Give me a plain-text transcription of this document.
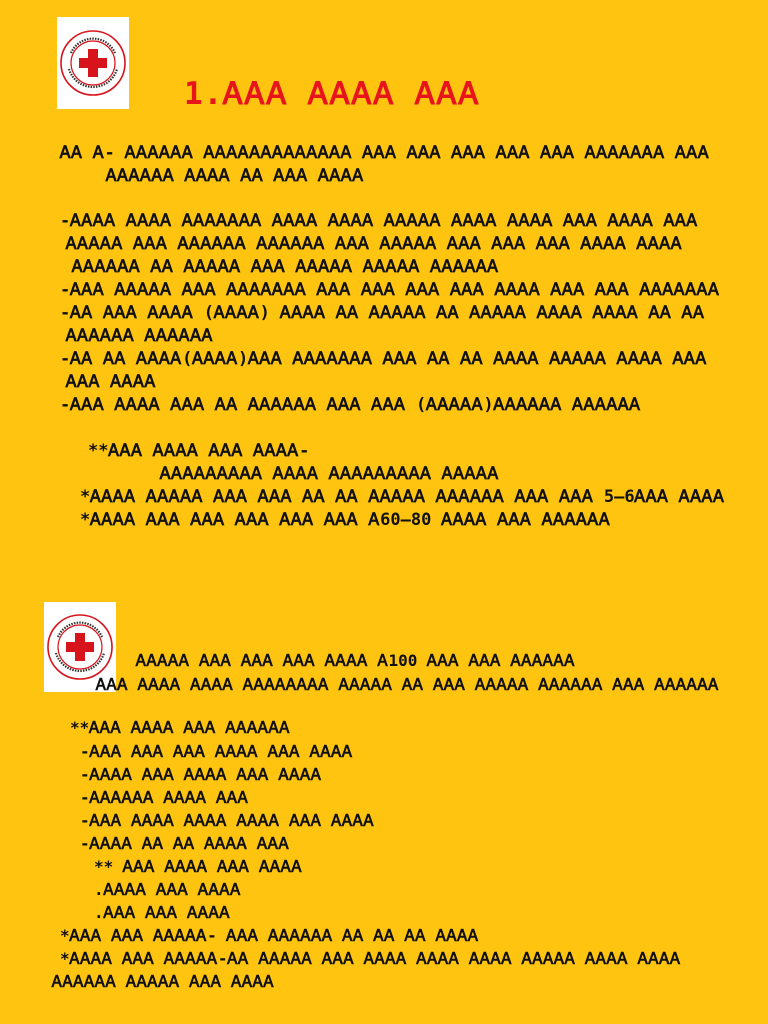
1.ᎪᎪᎪ ᎪᎪᎪᎪ ᎪᎪᎪ
ᎪᎪ Ꭺ- ᎪᎪᎪᎪᎪᎪ ᎪᎪᎪᎪᎪᎪᎪᎪᎪᎪᎪᎪᎪ ᎪᎪᎪ ᎪᎪᎪ ᎪᎪᎪ ᎪᎪᎪ ᎪᎪᎪ ᎪᎪᎪᎪᎪᎪᎪ ᎪᎪᎪ
ᎪᎪᎪᎪᎪᎪ ᎪᎪᎪᎪ ᎪᎪ ᎪᎪᎪ ᎪᎪᎪᎪ
-ᎪᎪᎪᎪ ᎪᎪᎪᎪ ᎪᎪᎪᎪᎪᎪᎪ ᎪᎪᎪᎪ ᎪᎪᎪᎪ ᎪᎪᎪᎪᎪ ᎪᎪᎪᎪ ᎪᎪᎪᎪ ᎪᎪᎪ ᎪᎪᎪᎪ ᎪᎪᎪ
ᎪᎪᎪᎪᎪ ᎪᎪᎪ ᎪᎪᎪᎪᎪᎪ ᎪᎪᎪᎪᎪᎪ ᎪᎪᎪ ᎪᎪᎪᎪᎪ ᎪᎪᎪ ᎪᎪᎪ ᎪᎪᎪ ᎪᎪᎪᎪ ᎪᎪᎪᎪ
ᎪᎪᎪᎪᎪᎪ ᎪᎪ ᎪᎪᎪᎪᎪ ᎪᎪᎪ ᎪᎪᎪᎪᎪ ᎪᎪᎪᎪᎪ ᎪᎪᎪᎪᎪᎪ
-ᎪᎪᎪ ᎪᎪᎪᎪᎪ ᎪᎪᎪ ᎪᎪᎪᎪᎪᎪᎪ ᎪᎪᎪ ᎪᎪᎪ ᎪᎪᎪ ᎪᎪᎪ ᎪᎪᎪᎪ ᎪᎪᎪ ᎪᎪᎪ ᎪᎪᎪᎪᎪᎪᎪ
-ᎪᎪ ᎪᎪᎪ ᎪᎪᎪᎪ (ᎪᎪᎪᎪ) ᎪᎪᎪᎪ ᎪᎪ ᎪᎪᎪᎪᎪ ᎪᎪ ᎪᎪᎪᎪᎪ ᎪᎪᎪᎪ ᎪᎪᎪᎪ ᎪᎪ ᎪᎪ
ᎪᎪᎪᎪᎪᎪ ᎪᎪᎪᎪᎪᎪ
-ᎪᎪ ᎪᎪ ᎪᎪᎪᎪ(ᎪᎪᎪᎪ)ᎪᎪᎪ ᎪᎪᎪᎪᎪᎪᎪ ᎪᎪᎪ ᎪᎪ ᎪᎪ ᎪᎪᎪᎪ ᎪᎪᎪᎪᎪ ᎪᎪᎪᎪ ᎪᎪᎪ
ᎪᎪᎪ ᎪᎪᎪᎪ
-ᎪᎪᎪ ᎪᎪᎪᎪ ᎪᎪᎪ ᎪᎪ ᎪᎪᎪᎪᎪᎪ ᎪᎪᎪ ᎪᎪᎪ (ᎪᎪᎪᎪᎪ)ᎪᎪᎪᎪᎪᎪ ᎪᎪᎪᎪᎪᎪ
**ᎪᎪᎪ ᎪᎪᎪᎪ ᎪᎪᎪ ᎪᎪᎪᎪ-
ᎪᎪᎪᎪᎪᎪᎪᎪᎪ ᎪᎪᎪᎪ ᎪᎪᎪᎪᎪᎪᎪᎪᎪ ᎪᎪᎪᎪᎪ
*ᎪᎪᎪᎪ ᎪᎪᎪᎪᎪ ᎪᎪᎪ ᎪᎪᎪ ᎪᎪ ᎪᎪ ᎪᎪᎪᎪᎪ ᎪᎪᎪᎪᎪᎪ ᎪᎪᎪ ᎪᎪᎪ 5–6ᎪᎪᎪ ᎪᎪᎪᎪ
*ᎪᎪᎪᎪ ᎪᎪᎪ ᎪᎪᎪ ᎪᎪᎪ ᎪᎪᎪ ᎪᎪᎪ Ꭺ60–80 ᎪᎪᎪᎪ ᎪᎪᎪ ᎪᎪᎪᎪᎪᎪ
ᎪᎪᎪᎪᎪ ᎪᎪᎪ ᎪᎪᎪ ᎪᎪᎪ ᎪᎪᎪᎪ Ꭺ100 ᎪᎪᎪ ᎪᎪᎪ ᎪᎪᎪᎪᎪᎪ
ᎪᎪᎪ ᎪᎪᎪᎪ ᎪᎪᎪᎪ ᎪᎪᎪᎪᎪᎪᎪᎪ ᎪᎪᎪᎪᎪ ᎪᎪ ᎪᎪᎪ ᎪᎪᎪᎪᎪ ᎪᎪᎪᎪᎪᎪ ᎪᎪᎪ ᎪᎪᎪᎪᎪᎪ
**ᎪᎪᎪ ᎪᎪᎪᎪ ᎪᎪᎪ ᎪᎪᎪᎪᎪᎪ
-ᎪᎪᎪ ᎪᎪᎪ ᎪᎪᎪ ᎪᎪᎪᎪ ᎪᎪᎪ ᎪᎪᎪᎪ
-ᎪᎪᎪᎪ ᎪᎪᎪ ᎪᎪᎪᎪ ᎪᎪᎪ ᎪᎪᎪᎪ
-ᎪᎪᎪᎪᎪᎪ ᎪᎪᎪᎪ ᎪᎪᎪ
-ᎪᎪᎪ ᎪᎪᎪᎪ ᎪᎪᎪᎪ ᎪᎪᎪᎪ ᎪᎪᎪ ᎪᎪᎪᎪ
-ᎪᎪᎪᎪ ᎪᎪ ᎪᎪ ᎪᎪᎪᎪ ᎪᎪᎪ
** ᎪᎪᎪ ᎪᎪᎪᎪ ᎪᎪᎪ ᎪᎪᎪᎪ
.ᎪᎪᎪᎪ ᎪᎪᎪ ᎪᎪᎪᎪ
.ᎪᎪᎪ ᎪᎪᎪ ᎪᎪᎪᎪ
*ᎪᎪᎪ ᎪᎪᎪ ᎪᎪᎪᎪᎪ- ᎪᎪᎪ ᎪᎪᎪᎪᎪᎪ ᎪᎪ ᎪᎪ ᎪᎪ ᎪᎪᎪᎪ
*ᎪᎪᎪᎪ ᎪᎪᎪ ᎪᎪᎪᎪᎪ-ᎪᎪ ᎪᎪᎪᎪᎪ ᎪᎪᎪ ᎪᎪᎪᎪ ᎪᎪᎪᎪ ᎪᎪᎪᎪ ᎪᎪᎪᎪᎪ ᎪᎪᎪᎪ ᎪᎪᎪᎪ
ᎪᎪᎪᎪᎪᎪ ᎪᎪᎪᎪᎪ ᎪᎪᎪ ᎪᎪᎪᎪ
